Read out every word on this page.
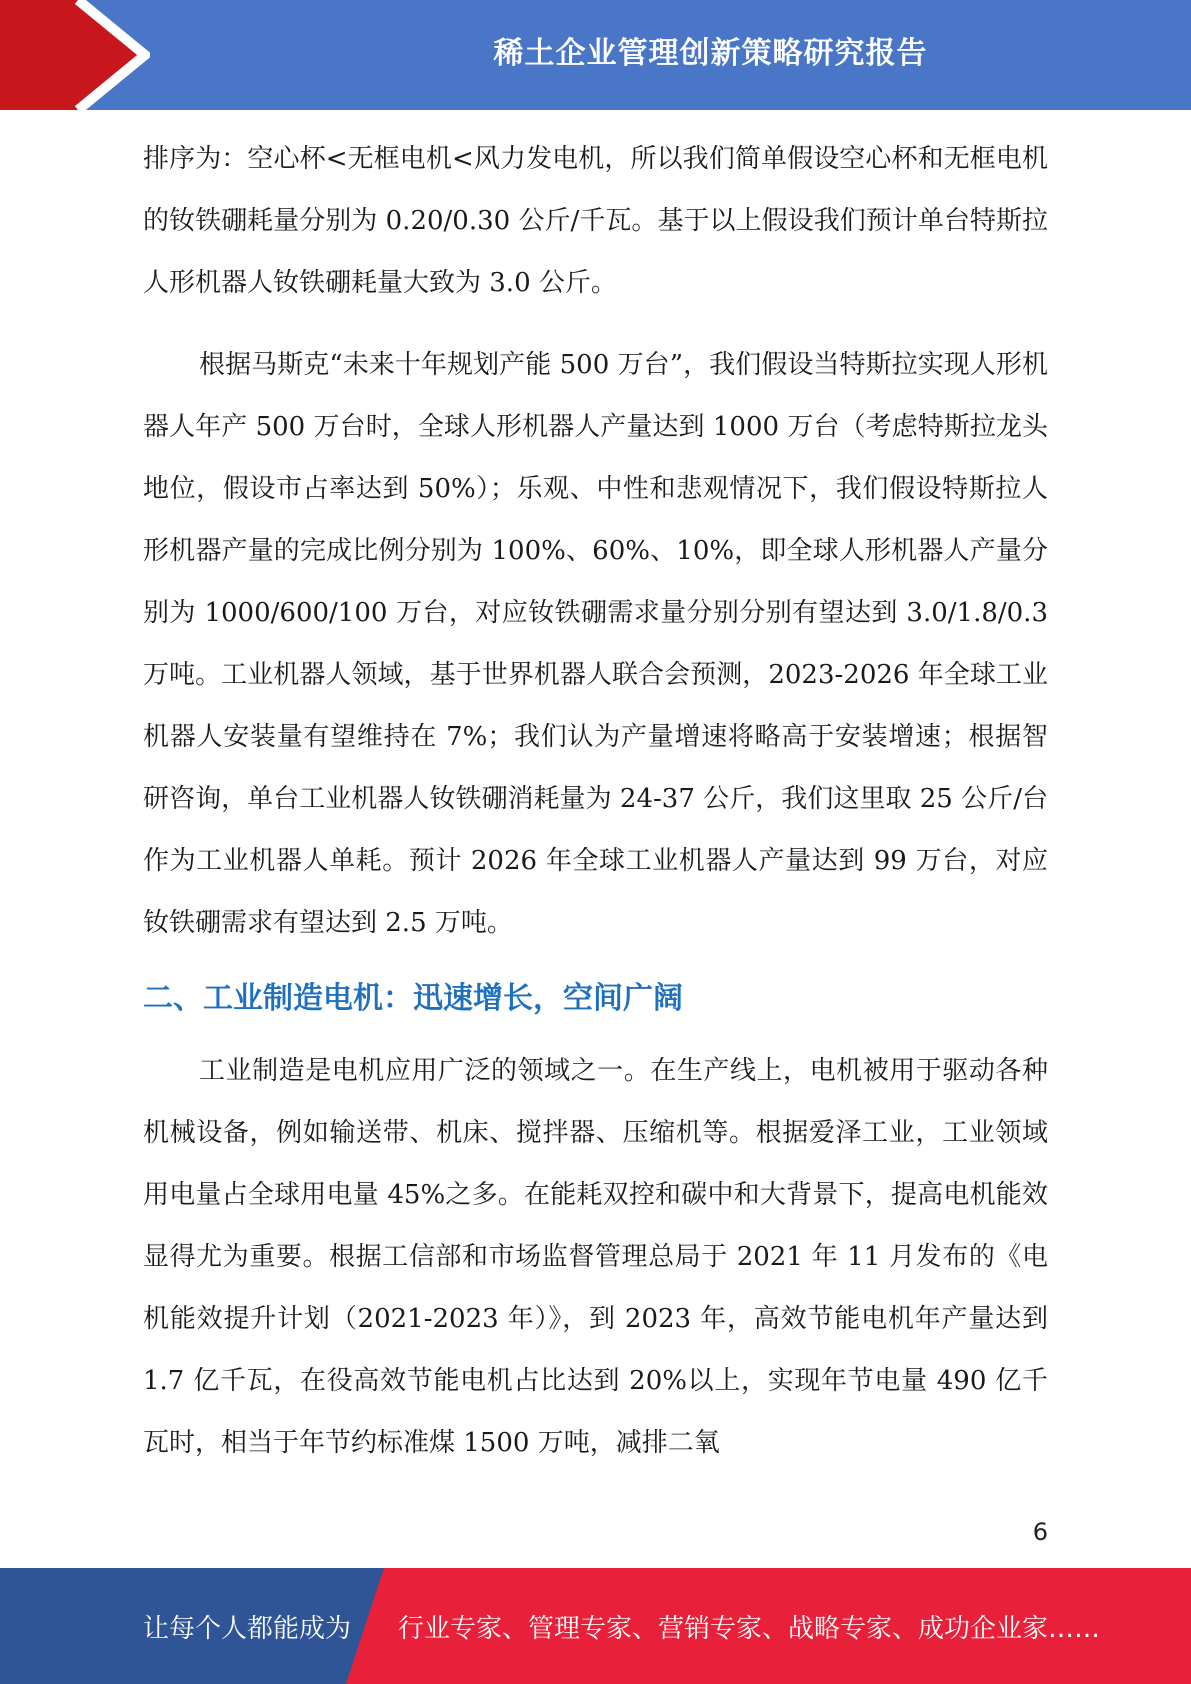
稀土企业管理创新策略研究报告

排序为：空心杯<无框电机<风力发电机，所以我们简单假设空心杯和无框电机的钕铁硼耗量分别为 0.20/0.30 公斤/千瓦。基于以上假设我们预计单台特斯拉人形机器人钕铁硼耗量大致为 3.0 公斤。

根据马斯克“未来十年规划产能 500 万台”，我们假设当特斯拉实现人形机器人年产 500 万台时，全球人形机器人产量达到 1000 万台（考虑特斯拉龙头地位，假设市占率达到 50%）；乐观、中性和悲观情况下，我们假设特斯拉人形机器产量的完成比例分别为 100%、60%、10%，即全球人形机器人产量分别为 1000/600/100 万台，对应钕铁硼需求量分别分别有望达到 3.0/1.8/0.3 万吨。工业机器人领域，基于世界机器人联合会预测，2023-2026 年全球工业机器人安装量有望维持在 7%；我们认为产量增速将略高于安装增速；根据智研咨询，单台工业机器人钕铁硼消耗量为 24-37 公斤，我们这里取 25 公斤/台作为工业机器人单耗。预计 2026 年全球工业机器人产量达到 99 万台，对应钕铁硼需求有望达到 2.5 万吨。

二、工业制造电机：迅速增长，空间广阔

工业制造是电机应用广泛的领域之一。在生产线上，电机被用于驱动各种机械设备，例如输送带、机床、搅拌器、压缩机等。根据爱泽工业，工业领域用电量占全球用电量 45%之多。在能耗双控和碳中和大背景下，提高电机能效显得尤为重要。根据工信部和市场监督管理总局于 2021 年 11 月发布的《电机能效提升计划（2021-2023 年）》，到 2023 年，高效节能电机年产量达到 1.7 亿千瓦，在役高效节能电机占比达到 20%以上，实现年节电量 490 亿千瓦时，相当于年节约标准煤 1500 万吨，减排二氧

6
让每个人都能成为 行业专家、管理专家、营销专家、战略专家、成功企业家……
